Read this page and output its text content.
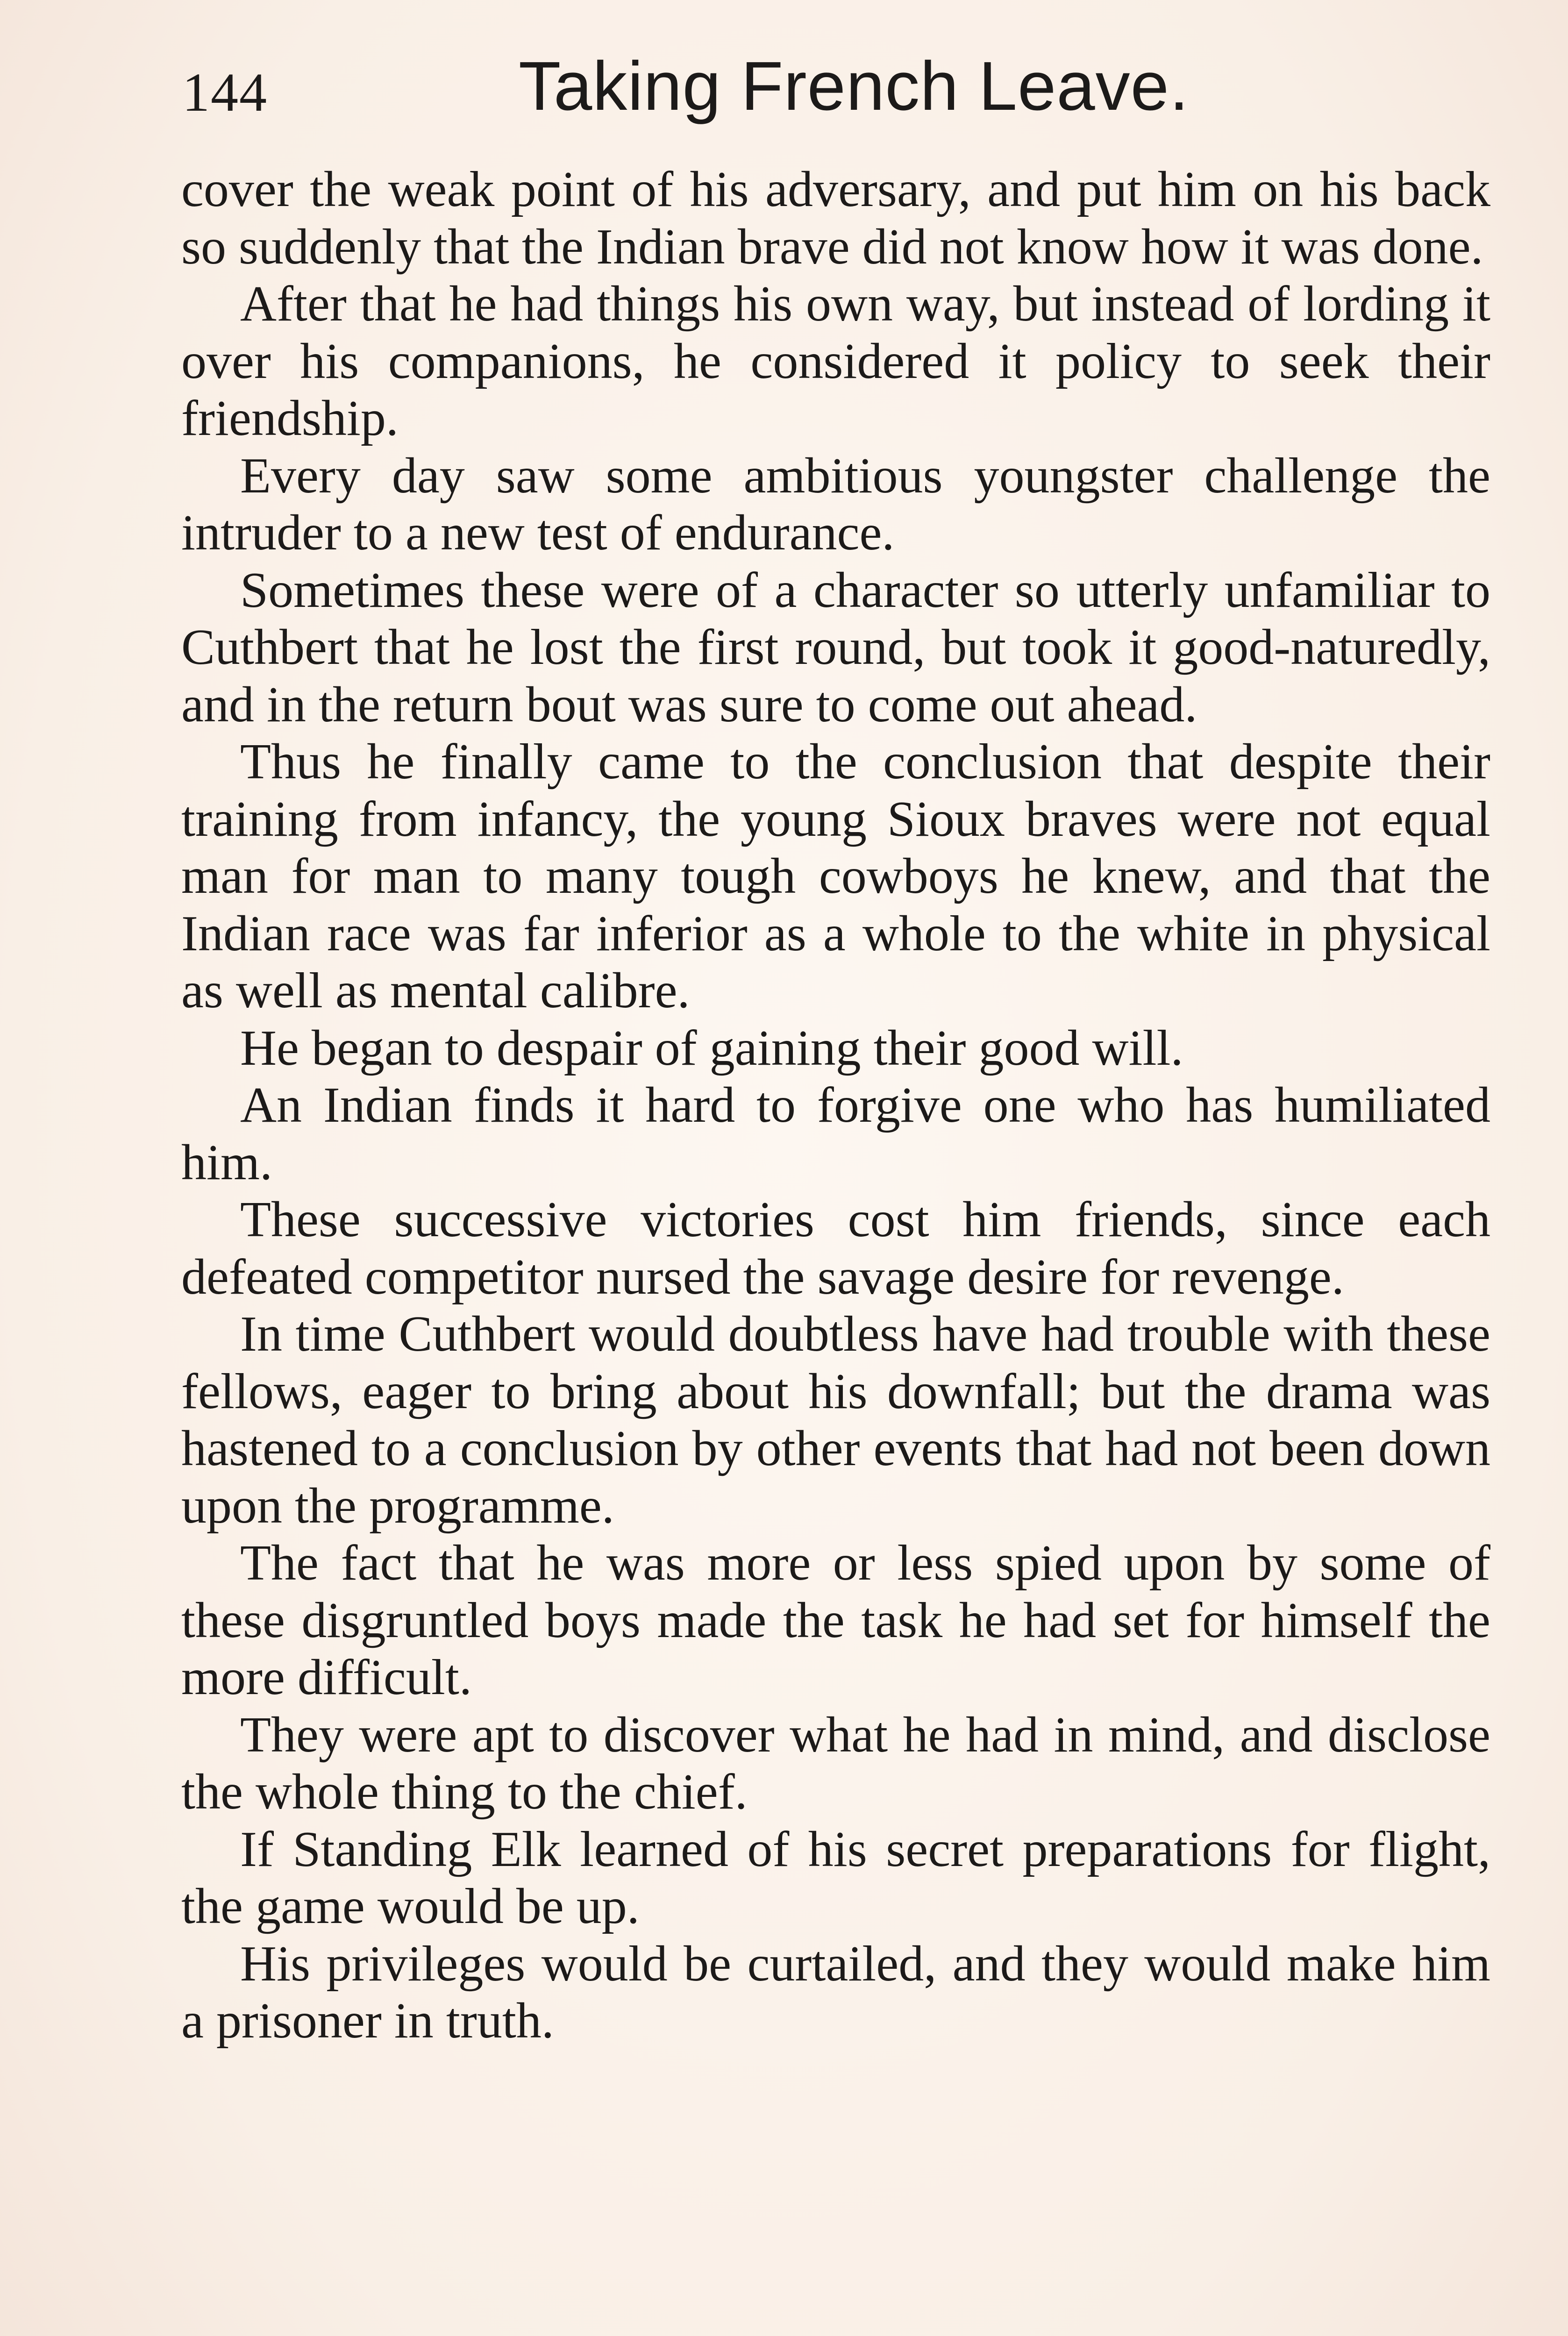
144	Taking French Leave.

cover the weak point of his adversary, and put him on his back so suddenly that the Indian brave did not know how it was done.

After that he had things his own way, but instead of lording it over his companions, he considered it policy to seek their friendship.

Every day saw some ambitious youngster challenge the intruder to a new test of endurance.

Sometimes these were of a character so utterly unfamiliar to Cuthbert that he lost the first round, but took it good-naturedly, and in the return bout was sure to come out ahead.

Thus he finally came to the conclusion that despite their training from infancy, the young Sioux braves were not equal man for man to many tough cowboys he knew, and that the Indian race was far inferior as a whole to the white in physical as well as mental calibre.

He began to despair of gaining their good will.

An Indian finds it hard to forgive one who has humiliated him.

These successive victories cost him friends, since each defeated competitor nursed the savage desire for revenge.

In time Cuthbert would doubtless have had trouble with these fellows, eager to bring about his downfall; but the drama was hastened to a conclusion by other events that had not been down upon the programme.

The fact that he was more or less spied upon by some of these disgruntled boys made the task he had set for himself the more difficult.

They were apt to discover what he had in mind, and disclose the whole thing to the chief.

If Standing Elk learned of his secret preparations for flight, the game would be up.

His privileges would be curtailed, and they would make him a prisoner in truth.
